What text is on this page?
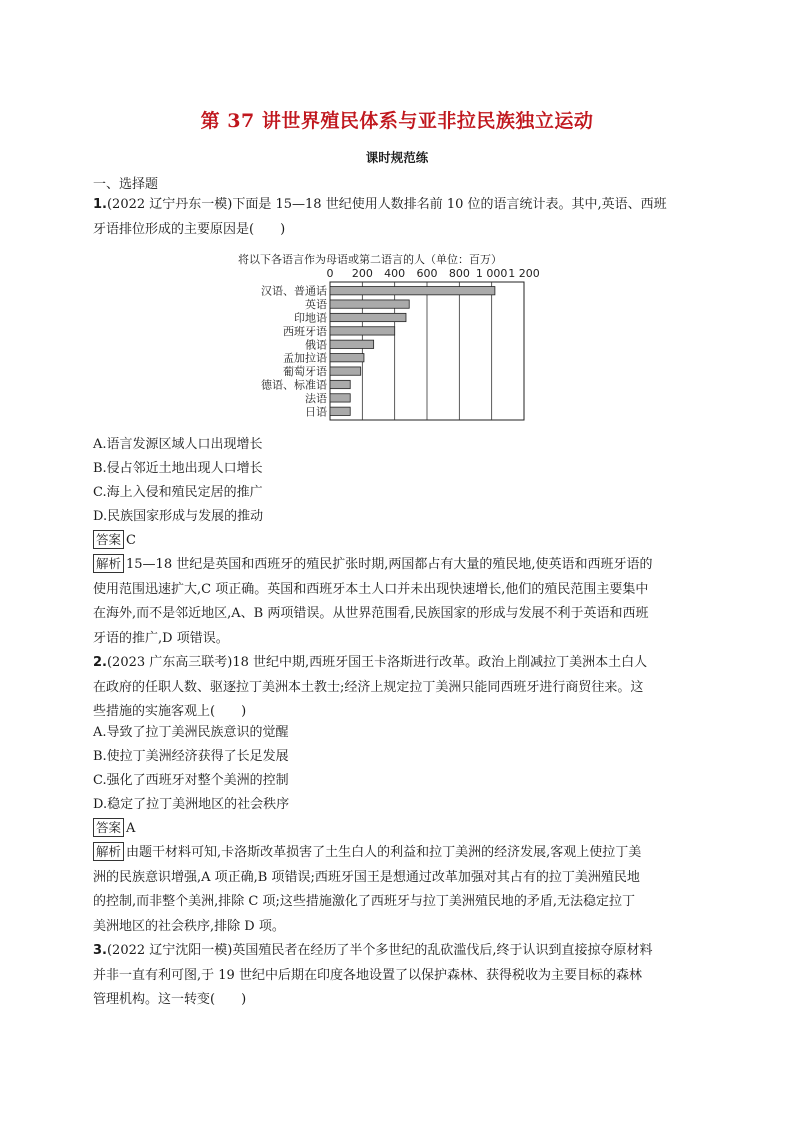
第 37 讲世界殖民体系与亚非拉民族独立运动
课时规范练
一、选择题
1.(2022 辽宁丹东一模)下面是 15—18 世纪使用人数排名前 10 位的语言统计表。其中,英语、西班
牙语排位形成的主要原因是(　　)
将以下各语言作为母语或第二语言的人（单位：百万）
0 200 400 600 800 1 000 1 200
汉语、普通话
英语
印地语
西班牙语
俄语
孟加拉语
葡萄牙语
德语、标准语
法语
日语
A.语言发源区域人口出现增长
B.侵占邻近土地出现人口增长
C.海上入侵和殖民定居的推广
D.民族国家形成与发展的推动
答案 C
解析 15—18 世纪是英国和西班牙的殖民扩张时期,两国都占有大量的殖民地,使英语和西班牙语的
使用范围迅速扩大,C 项正确。英国和西班牙本土人口并未出现快速增长,他们的殖民范围主要集中
在海外,而不是邻近地区,A、B 两项错误。从世界范围看,民族国家的形成与发展不利于英语和西班
牙语的推广,D 项错误。
2.(2023 广东高三联考)18 世纪中期,西班牙国王卡洛斯进行改革。政治上削减拉丁美洲本土白人
在政府的任职人数、驱逐拉丁美洲本土教士;经济上规定拉丁美洲只能同西班牙进行商贸往来。这
些措施的实施客观上(　　)
A.导致了拉丁美洲民族意识的觉醒
B.使拉丁美洲经济获得了长足发展
C.强化了西班牙对整个美洲的控制
D.稳定了拉丁美洲地区的社会秩序
答案 A
解析 由题干材料可知,卡洛斯改革损害了土生白人的利益和拉丁美洲的经济发展,客观上使拉丁美
洲的民族意识增强,A 项正确,B 项错误;西班牙国王是想通过改革加强对其占有的拉丁美洲殖民地
的控制,而非整个美洲,排除 C 项;这些措施激化了西班牙与拉丁美洲殖民地的矛盾,无法稳定拉丁
美洲地区的社会秩序,排除 D 项。
3.(2022 辽宁沈阳一模)英国殖民者在经历了半个多世纪的乱砍滥伐后,终于认识到直接掠夺原材料
并非一直有利可图,于 19 世纪中后期在印度各地设置了以保护森林、获得税收为主要目标的森林
管理机构。这一转变(　　)
